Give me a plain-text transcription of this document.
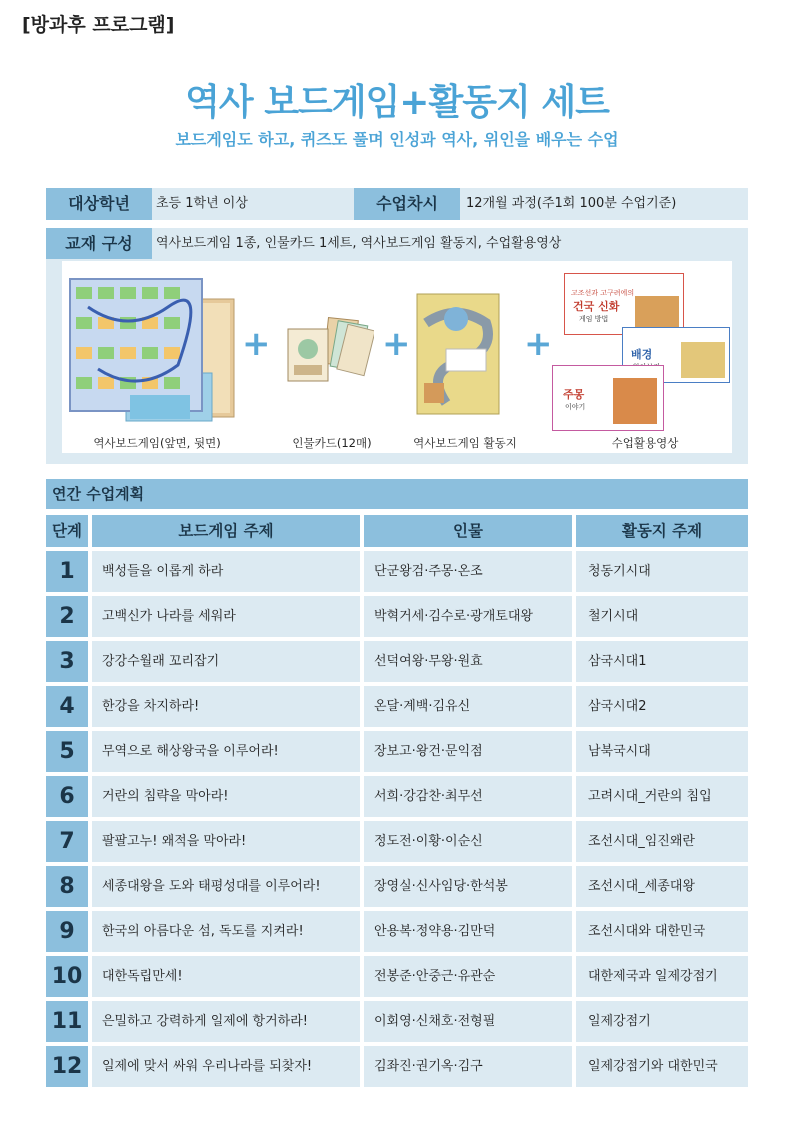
[방과후 프로그램]
역사 보드게임+활동지 세트
보드게임도 하고, 퀴즈도 풀며 인성과 역사, 위인을 배우는 수업
대상학년	초등 1학년 이상	수업차시	12개월 과정(주1회 100분 수업기준)
교재 구성	역사보드게임 1종, 인물카드 1세트, 역사보드게임 활동지, 수업활용영상
+	+	+
고조선과 고구려에의
건국 신화
게임 방법
배경
주몽
이야기
역사보드게임(앞면, 뒷면)	인물카드(12매)	역사보드게임 활동지	수업활용영상
연간 수업계획
단계	보드게임 주제	인물	활동지 주제
1	백성들을 이롭게 하라	단군왕검·주몽·온조	청동기시대
2	고백신가 나라를 세워라	박혁거세·김수로·광개토대왕	철기시대
3	강강수월래 꼬리잡기	선덕여왕·무왕·원효	삼국시대1
4	한강을 차지하라!	온달·계백·김유신	삼국시대2
5	무역으로 해상왕국을 이루어라!	장보고·왕건·문익점	남북국시대
6	거란의 침략을 막아라!	서희·강감찬·최무선	고려시대_거란의 침입
7	팔팔고누! 왜적을 막아라!	정도전·이황·이순신	조선시대_임진왜란
8	세종대왕을 도와 태평성대를 이루어라!	장영실·신사임당·한석봉	조선시대_세종대왕
9	한국의 아름다운 섬, 독도를 지켜라!	안용복·정약용·김만덕	조선시대와 대한민국
10	대한독립만세!	전봉준·안중근·유관순	대한제국과 일제강점기
11	은밀하고 강력하게 일제에 항거하라!	이회영·신채호·전형필	일제강점기
12	일제에 맞서 싸워 우리나라를 되찾자!	김좌진·권기옥·김구	일제강점기와 대한민국
